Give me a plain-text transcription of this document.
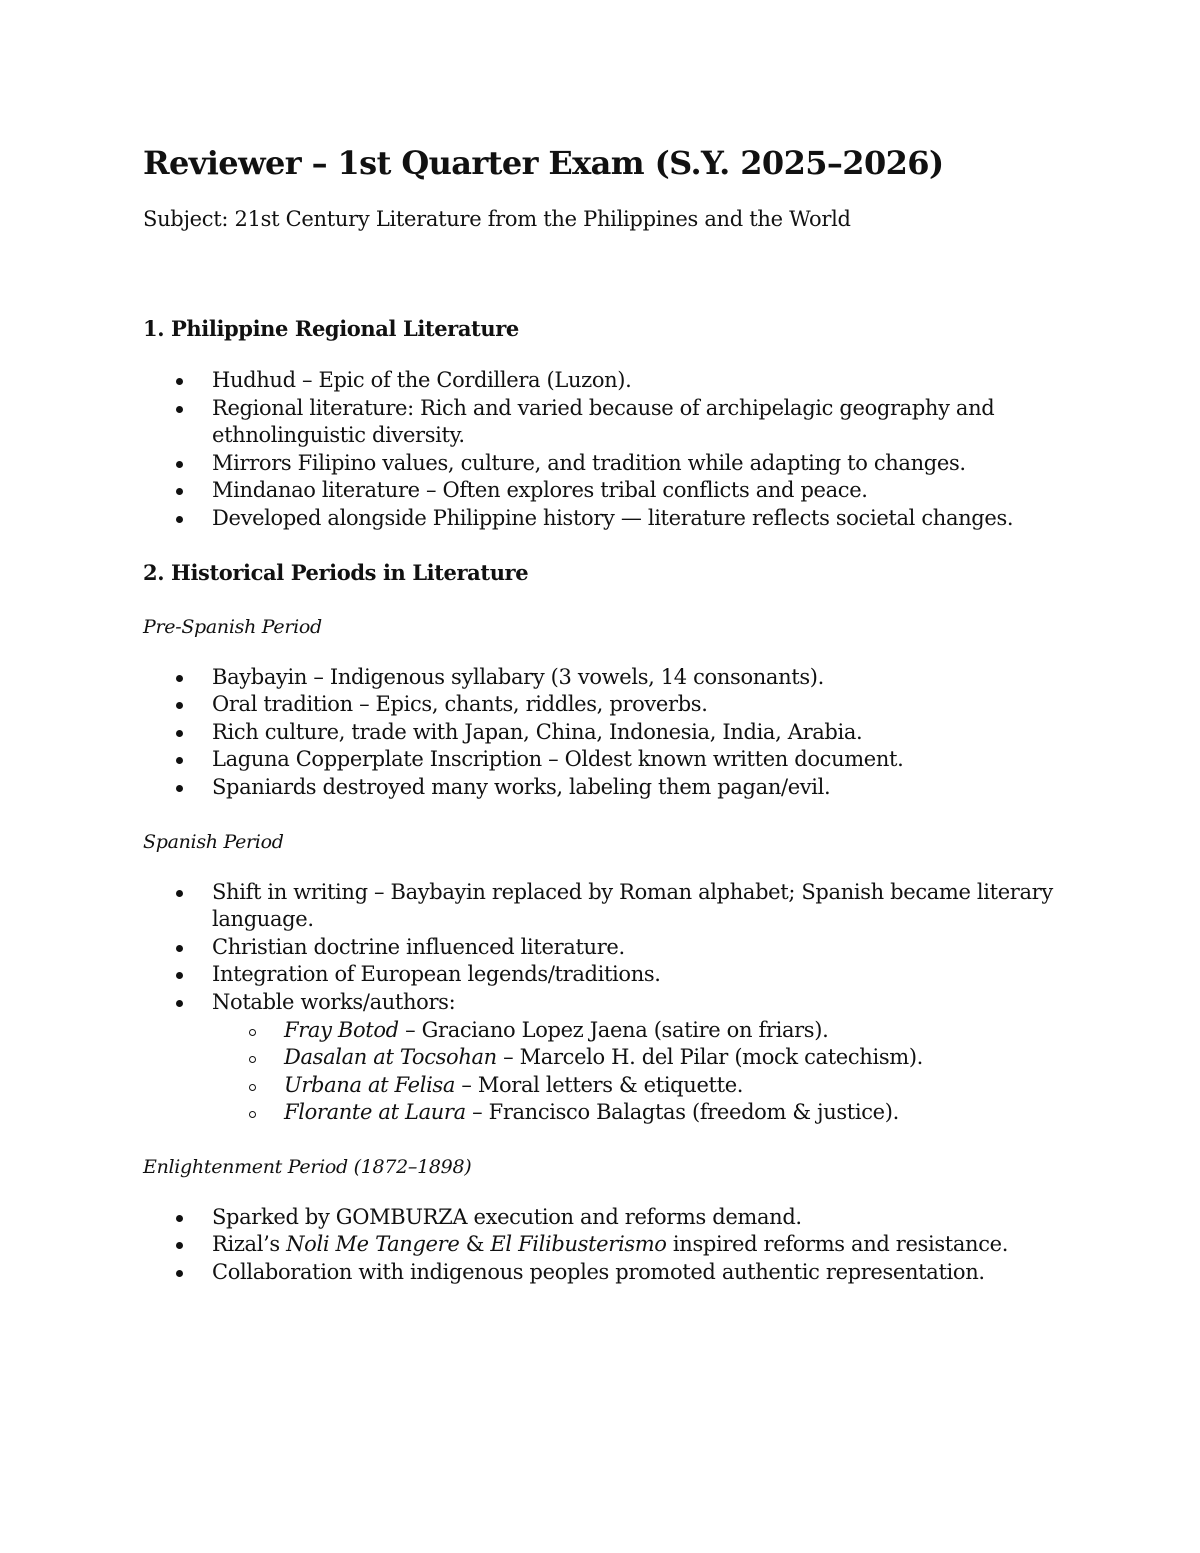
Reviewer – 1st Quarter Exam (S.Y. 2025–2026)

Subject: 21st Century Literature from the Philippines and the World

1. Philippine Regional Literature
Hudhud – Epic of the Cordillera (Luzon).
Regional literature: Rich and varied because of archipelagic geography and ethnolinguistic diversity.
Mirrors Filipino values, culture, and tradition while adapting to changes.
Mindanao literature – Often explores tribal conflicts and peace.
Developed alongside Philippine history — literature reflects societal changes.
2. Historical Periods in Literature

Pre-Spanish Period

Baybayin – Indigenous syllabary (3 vowels, 14 consonants).
Oral tradition – Epics, chants, riddles, proverbs.
Rich culture, trade with Japan, China, Indonesia, India, Arabia.
Laguna Copperplate Inscription – Oldest known written document.
Spaniards destroyed many works, labeling them pagan/evil.

Spanish Period

Shift in writing – Baybayin replaced by Roman alphabet; Spanish became literary language.
Christian doctrine influenced literature.
Integration of European legends/traditions.
Notable works/authors:
Fray Botod – Graciano Lopez Jaena (satire on friars).
Dasalan at Tocsohan – Marcelo H. del Pilar (mock catechism).
Urbana at Felisa – Moral letters & etiquette.
Florante at Laura – Francisco Balagtas (freedom & justice).

Enlightenment Period (1872–1898)

Sparked by GOMBURZA execution and reforms demand.
Rizal’s Noli Me Tangere & El Filibusterismo inspired reforms and resistance.
Collaboration with indigenous peoples promoted authentic representation.
